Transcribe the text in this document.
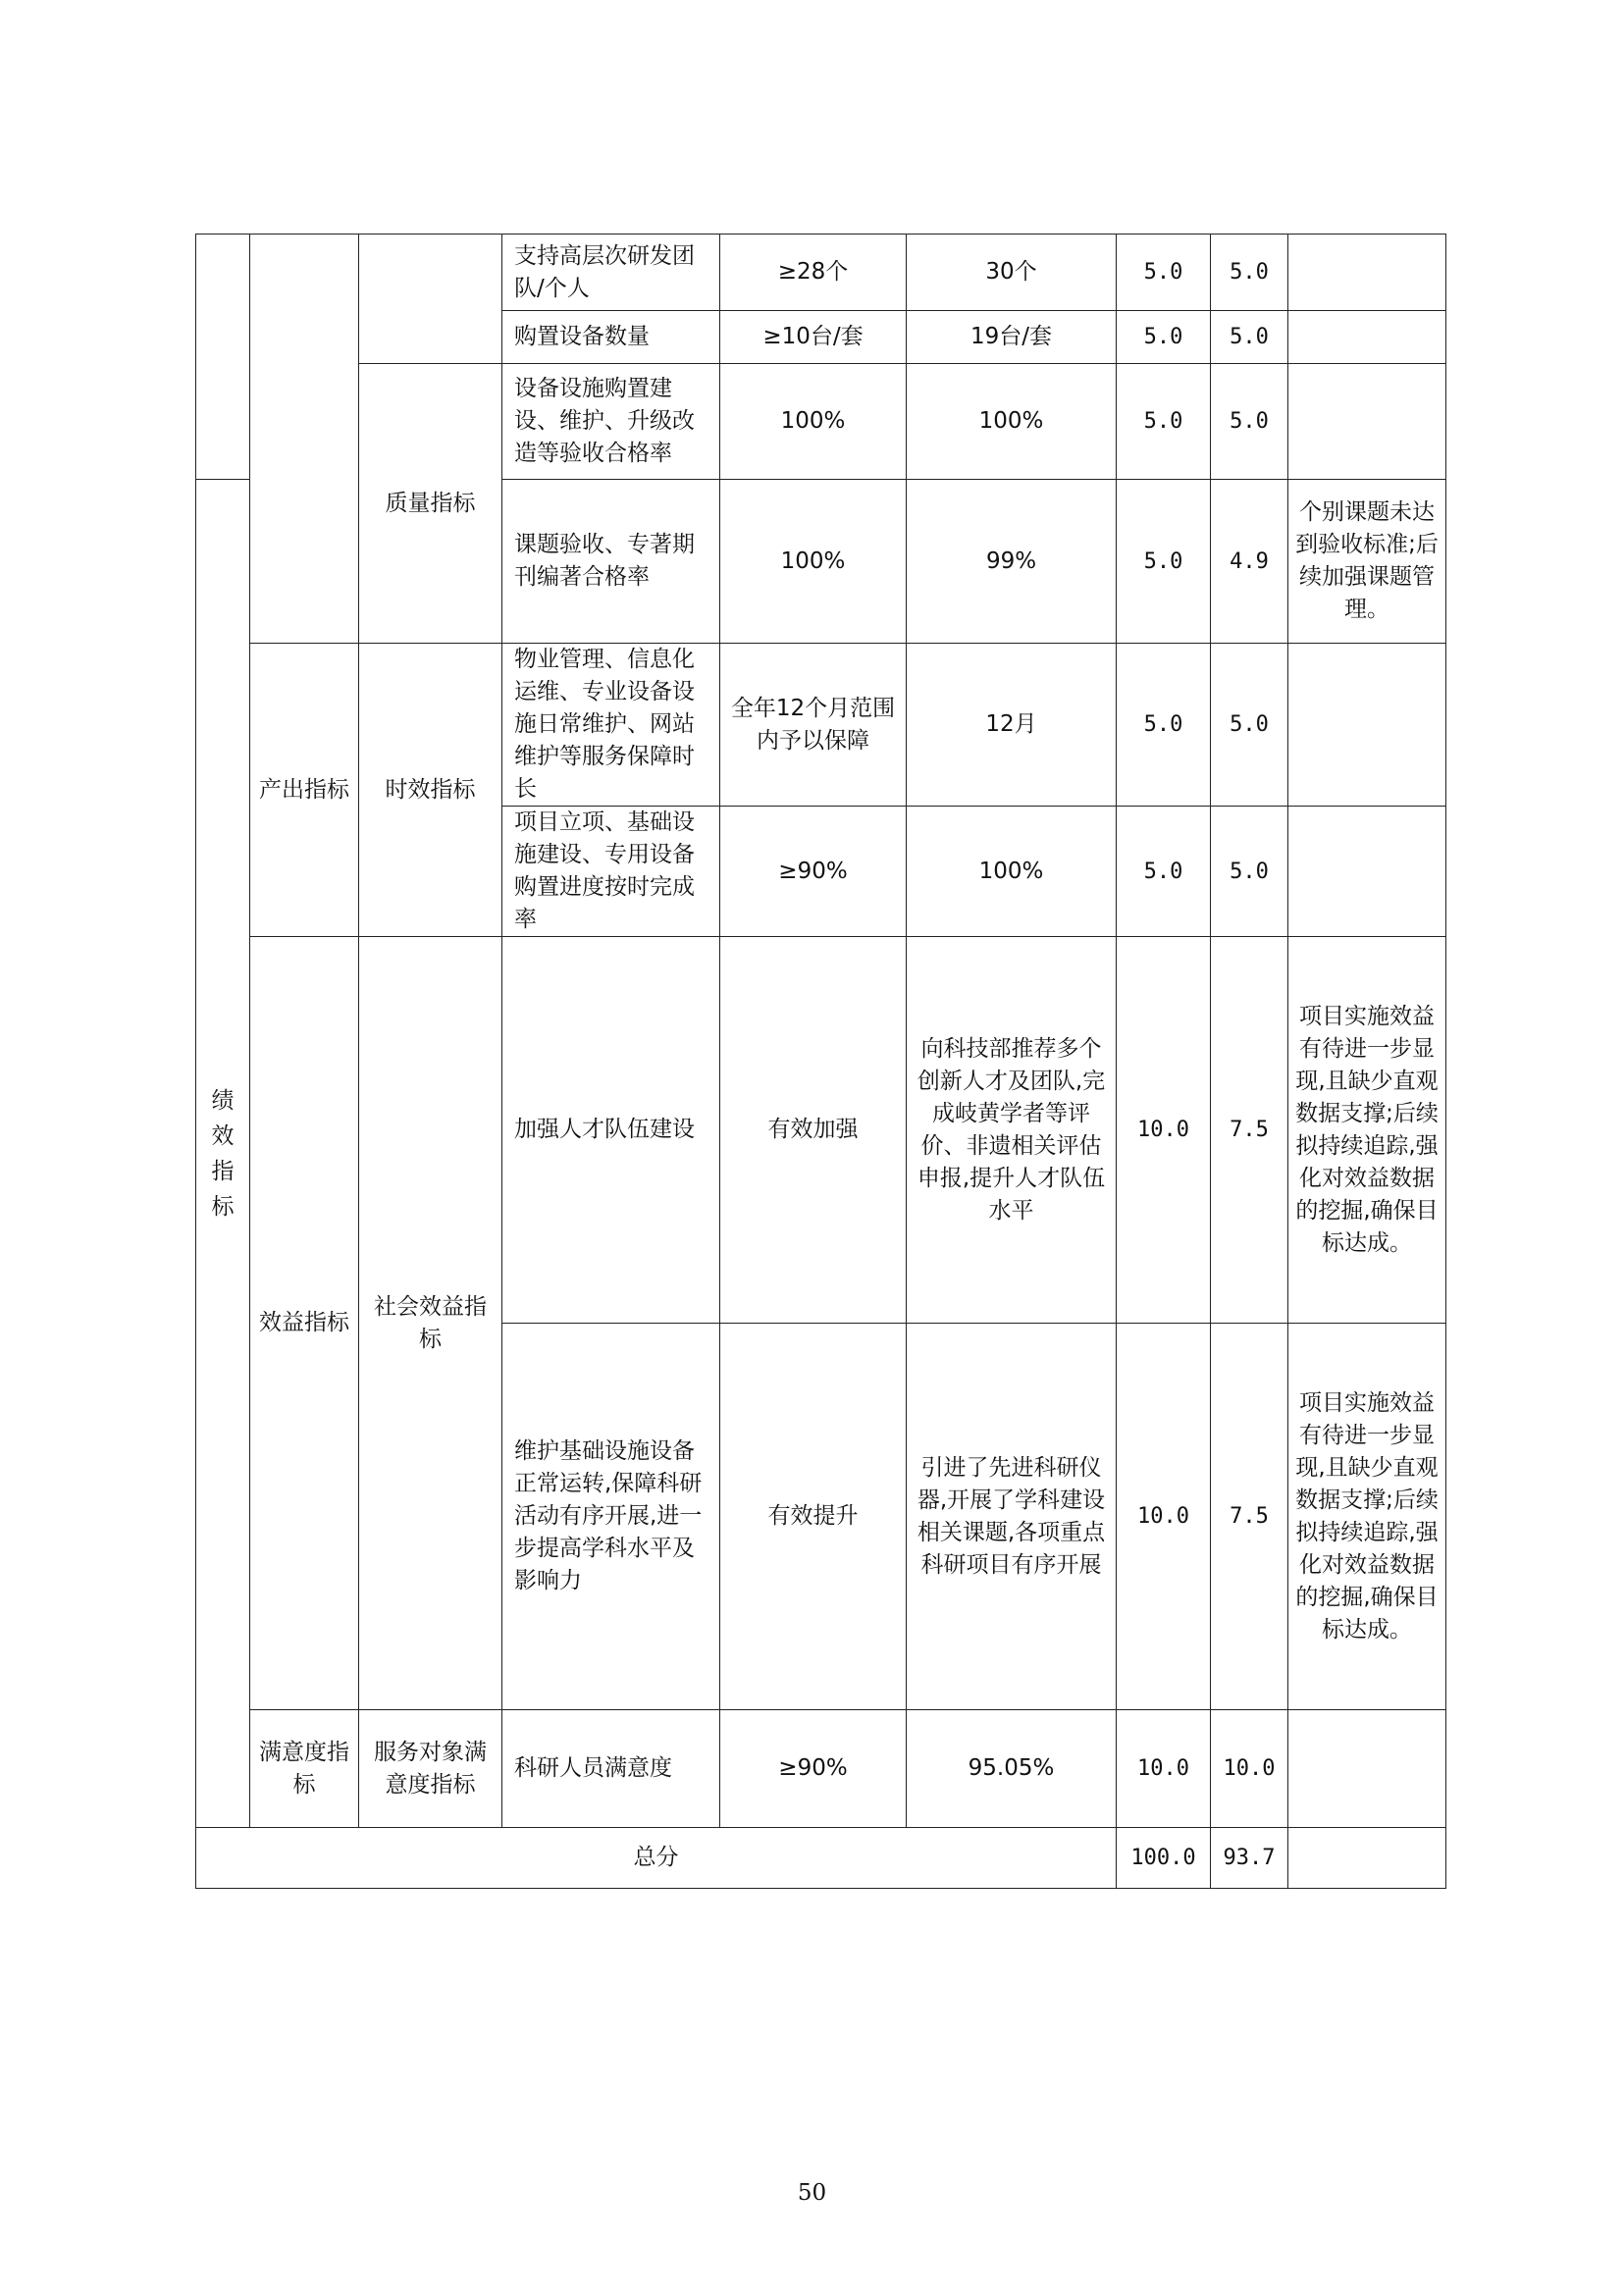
			支持高层次研发团队/个人	≥28个	30个	5.0	5.0	
			购置设备数量	≥10台/套	19台/套	5.0	5.0	
		质量指标	设备设施购置建设、维护、升级改造等验收合格率	100%	100%	5.0	5.0	
绩效指标			课题验收、专著期刊编著合格率	100%	99%	5.0	4.9	个别课题未达到验收标准;后续加强课题管理。
	产出指标	时效指标	物业管理、信息化运维、专业设备设施日常维护、网站维护等服务保障时长	全年12个月范围内予以保障	12月	5.0	5.0	
			项目立项、基础设施建设、专用设备购置进度按时完成率	≥90%	100%	5.0	5.0	
	效益指标	社会效益指标	加强人才队伍建设	有效加强	向科技部推荐多个创新人才及团队,完成岐黄学者等评价、非遗相关评估申报,提升人才队伍水平	10.0	7.5	项目实施效益有待进一步显现,且缺少直观数据支撑;后续拟持续追踪,强化对效益数据的挖掘,确保目标达成。
			维护基础设施设备正常运转,保障科研活动有序开展,进一步提高学科水平及影响力	有效提升	引进了先进科研仪器,开展了学科建设相关课题,各项重点科研项目有序开展	10.0	7.5	项目实施效益有待进一步显现,且缺少直观数据支撑;后续拟持续追踪,强化对效益数据的挖掘,确保目标达成。
	满意度指标	服务对象满意度指标	科研人员满意度	≥90%	95.05%	10.0	10.0	
总分						100.0	93.7	
50
